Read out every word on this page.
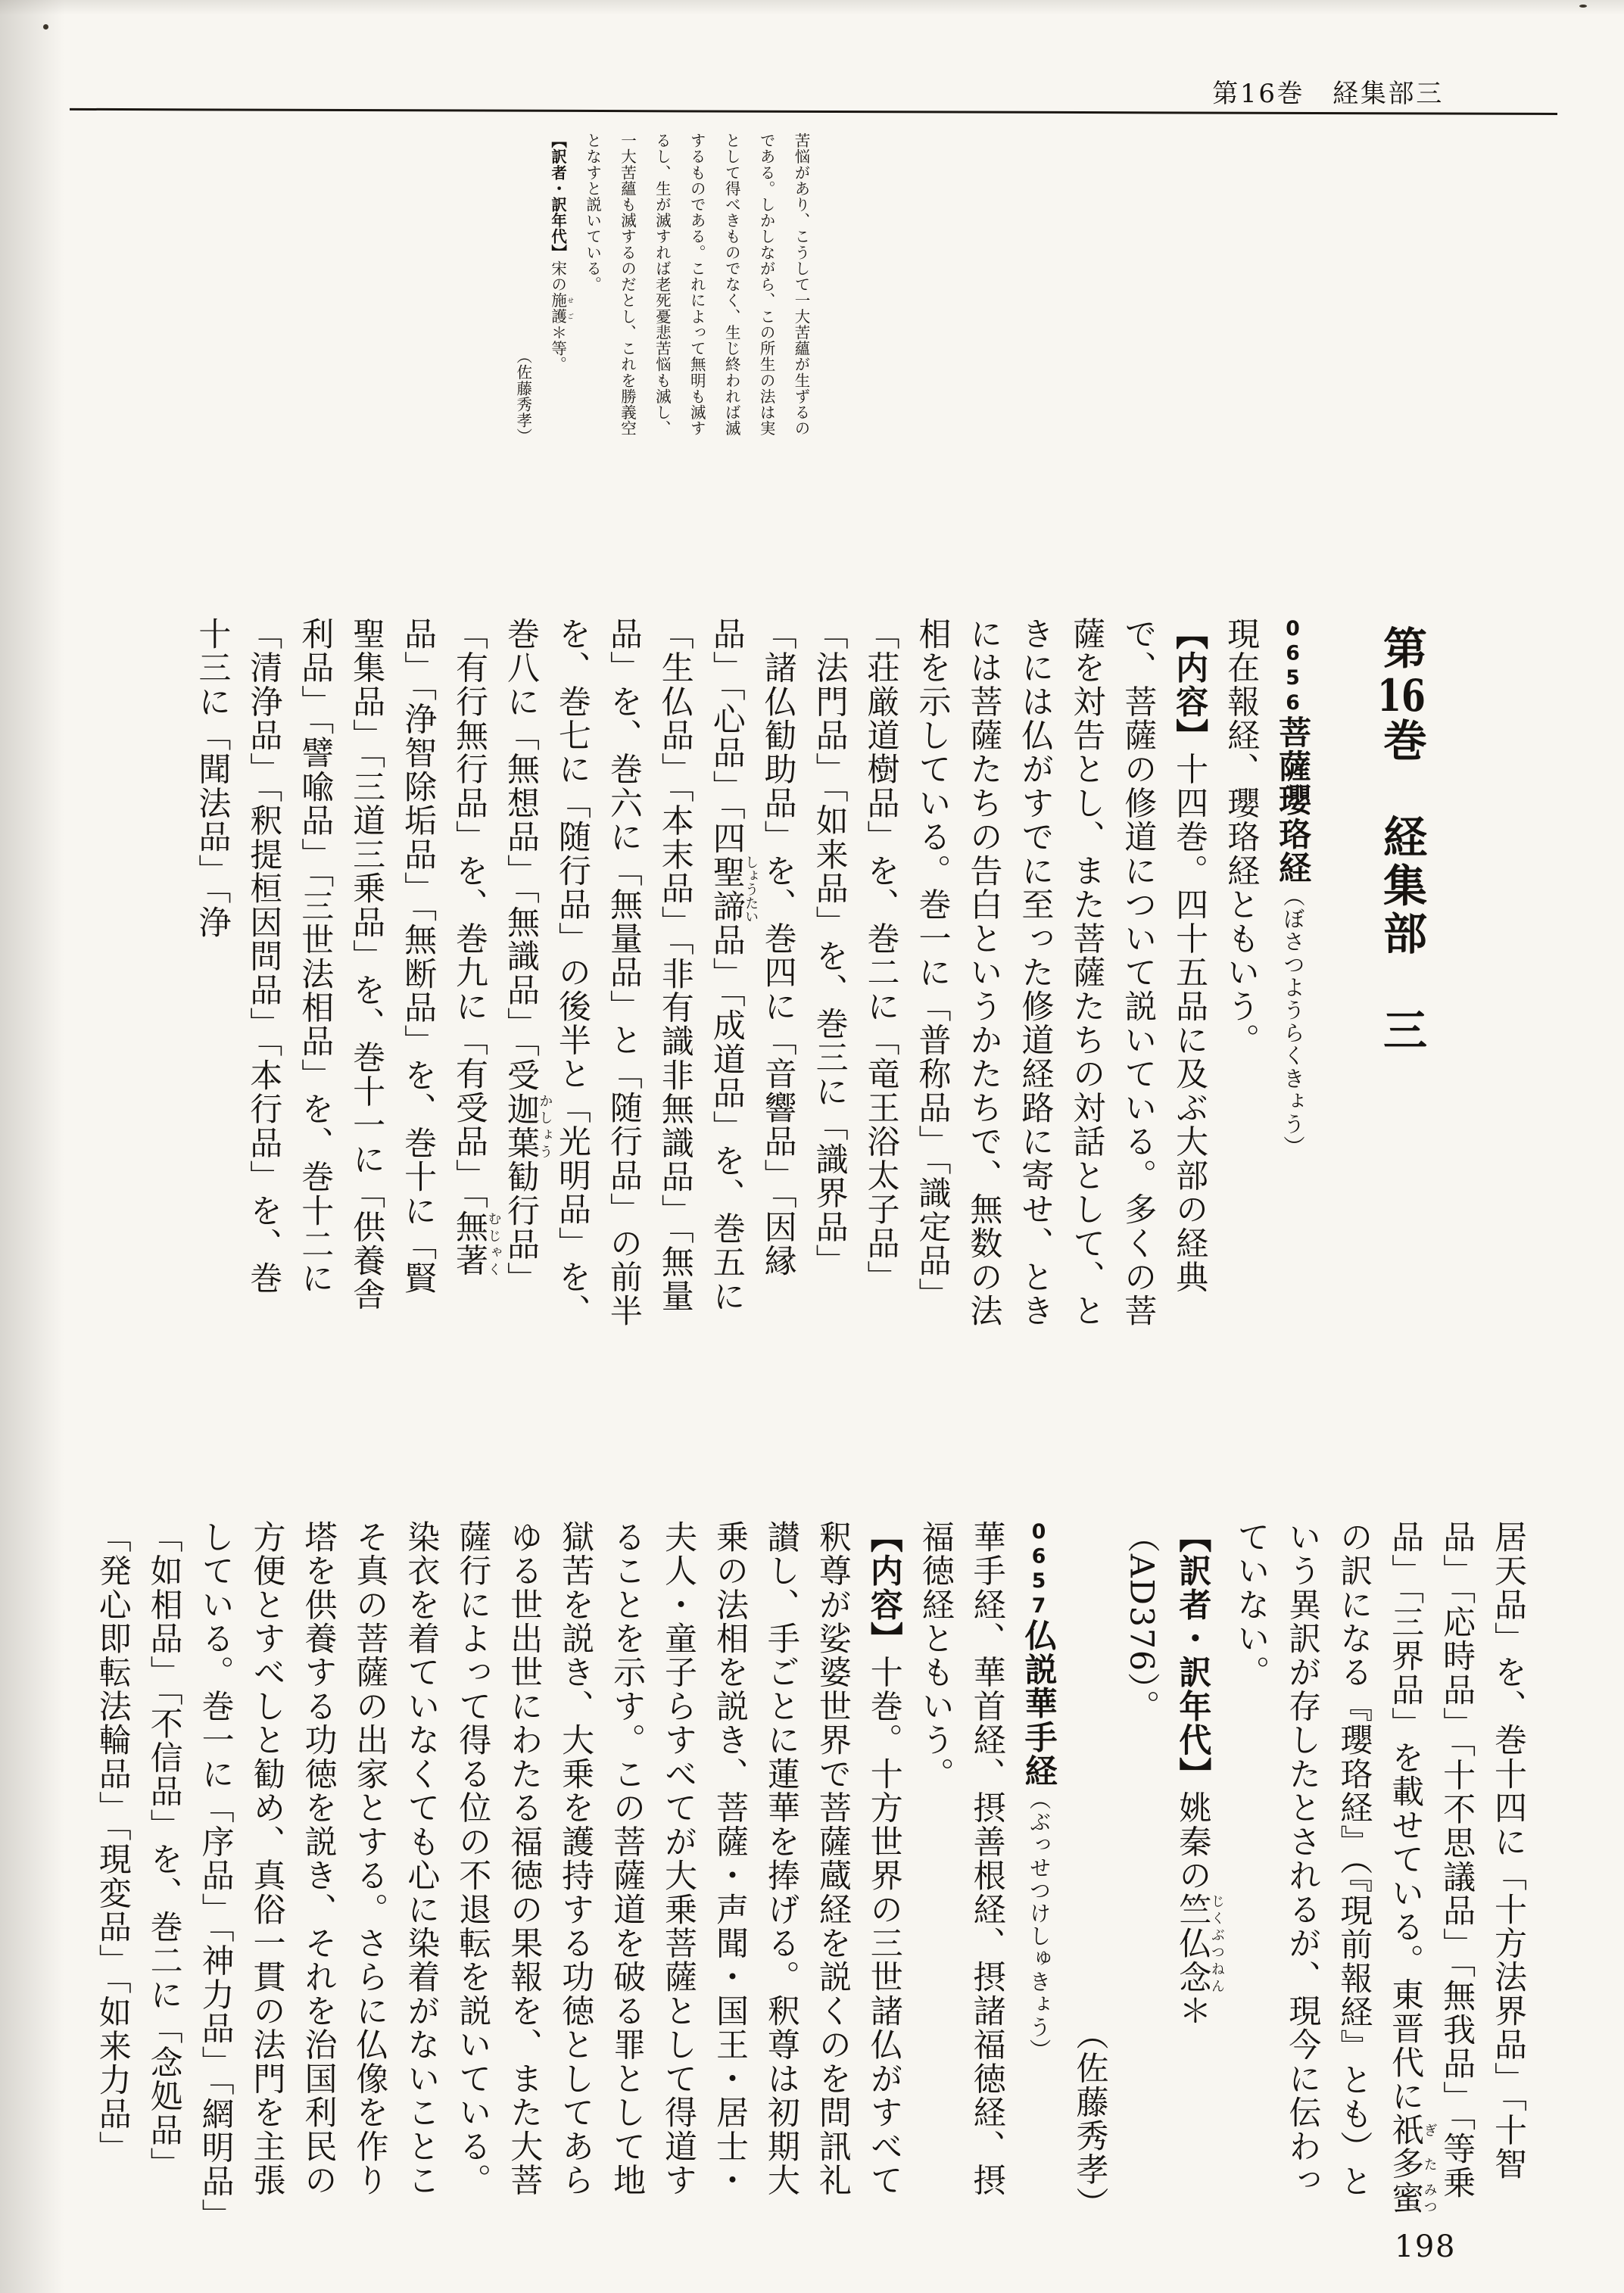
第16巻　経集部三

苦悩があり、こうして一大苦蘊が生ずるのである。しかしながら、この所生の法は実として得べきものでなく、生じ終われば滅するものである。これによって無明も滅するし、生が滅すれば老死憂悲苦悩も滅し、一大苦蘊も滅するのだとし、これを勝義空となすと説いている。

【訳者・訳年代】宋の施護 せご＊等。

（佐藤秀孝）

第16巻　経集部　三

0656菩薩瓔珞経（ぼさつようらくきょう）

現在報経、瓔珞経ともいう。

【内容】十四巻。四十五品に及ぶ大部の経典で、菩薩の修道について説いている。多くの菩薩を対告とし、また菩薩たちの対話として、ときには仏がすでに至った修道経路に寄せ、ときには菩薩たちの告白というかたちで、無数の法相を示している。巻一に「普称品」「識定品」「荘厳道樹品」を、巻二に「竜王浴太子品」「法門品」「如来品」を、巻三に「識界品」「諸仏勧助品」を、巻四に「音響品」「因縁品」「心品」「四聖諦しょうたい品」「成道品」を、巻五に「生仏品」「本末品」「非有識非無識品」「無量品」を、巻六に「無量品」と「随行品」の前半を、巻七に「随行品」の後半と「光明品」を、巻八に「無想品」「無識品」「受迦葉かしょう勧行品」「有行無行品」を、巻九に「有受品」「無著むじゃく品」「浄智除垢品」「無断品」を、巻十に「賢聖集品」「三道三乗品」を、巻十一に「供養舎利品」「譬喩品」「三世法相品」を、巻十二に「清浄品」「釈提桓因問品」「本行品」を、巻十三に「聞法品」「浄

居天品」を、巻十四に「十方法界品」「十智品」「応時品」「十不思議品」「無我品」「等乗品」「三界品」を載せている。東晋代に祇多ぎた蜜みつの訳になる『瓔珞経』（『現前報経』とも）という異訳が存したとされるが、現今に伝わっていない。

【訳者・訳年代】姚秦の竺仏念じくぶつねん＊（AD376）。

（佐藤秀孝）

0657仏説華手経（ぶっせつけしゅきょう）

華手経、華首経、摂善根経、摂諸福徳経、摂福徳経ともいう。

【内容】十巻。十方世界の三世諸仏がすべて釈尊が娑婆世界で菩薩蔵経を説くのを問訊礼讃し、手ごとに蓮華を捧げる。釈尊は初期大乗の法相を説き、菩薩・声聞・国王・居士・夫人・童子らすべてが大乗菩薩として得道することを示す。この菩薩道を破る罪として地獄苦を説き、大乗を護持する功徳としてあらゆる世出世にわたる福徳の果報を、また大菩薩行によって得る位の不退転を説いている。染衣を着ていなくても心に染着がないことこそ真の菩薩の出家とする。さらに仏像を作り塔を供養する功徳を説き、それを治国利民の方便とすべしと勧め、真俗一貫の法門を主張している。巻一に「序品」「神力品」「網明品」「如相品」「不信品」を、巻二に「念処品」「発心即転法輪品」「現変品」「如来力品」

198
